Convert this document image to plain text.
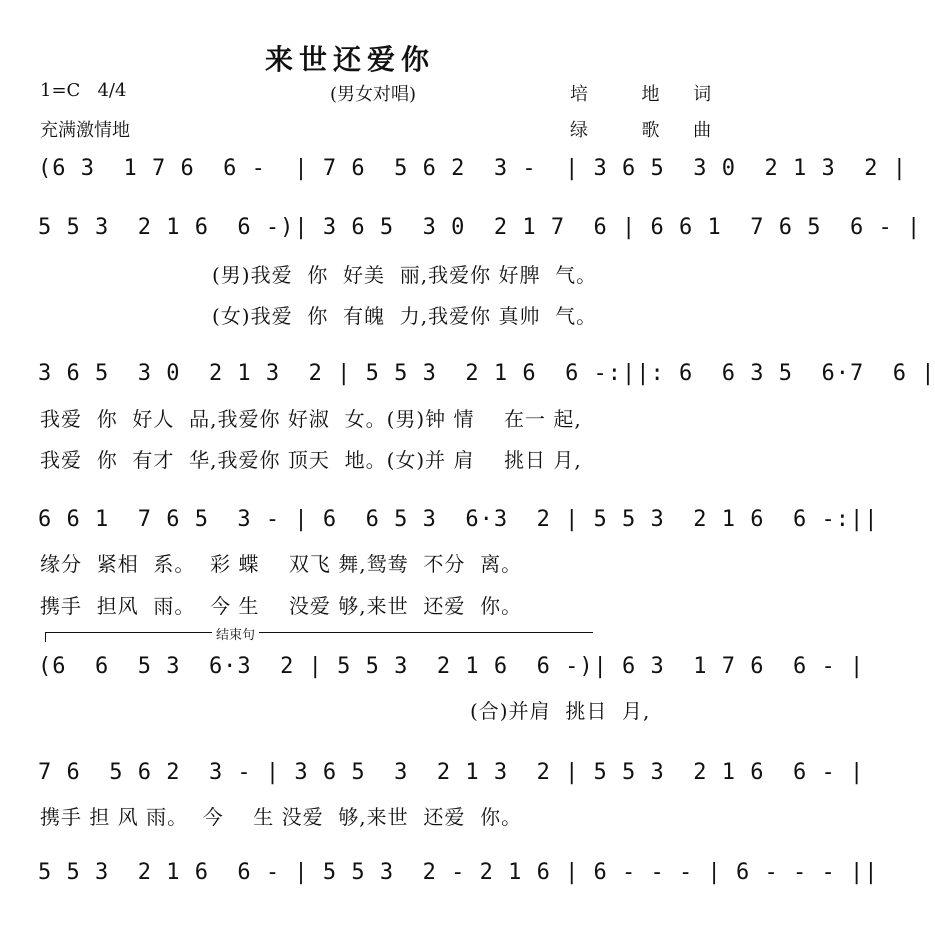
来世还爱你
1=C   4/4	(男女对唱)	培  地 词
充满激情地	绿  歌 曲
(6 3  1 7 6  6 -  | 7 6  5 6 2  3 -  | 3 6 5  3 0  2 1 3  2 |
5 5 3  2 1 6  6 -)| 3 6 5  3 0  2 1 7  6 | 6 6 1  7 6 5  6 - |
(男)我爱  你  好美  丽,我爱你 好脾  气。
(女)我爱  你  有魄  力,我爱你 真帅  气。
3 6 5  3 0  2 1 3  2 | 5 5 3  2 1 6  6 -:||: 6  6 3 5  6·7  6 |
我爱  你  好人  品,我爱你 好淑  女。(男)钟 情    在一 起,
我爱  你  有才  华,我爱你 顶天  地。(女)并 肩    挑日 月,
6 6 1  7 6 5  3 - | 6  6 5 3  6·3  2 | 5 5 3  2 1 6  6 -:||
缘分  紧相  系。  彩 蝶    双飞 舞,鸳鸯  不分  离。
携手  担风  雨。  今 生    没爱 够,来世  还爱  你。
结束句
(6  6  5 3  6·3  2 | 5 5 3  2 1 6  6 -)| 6 3  1 7 6  6 - |
(合)并肩  挑日  月,
7 6  5 6 2  3 - | 3 6 5  3  2 1 3  2 | 5 5 3  2 1 6  6 - |
携手 担 风 雨。  今    生 没爱  够,来世  还爱  你。
5 5 3  2 1 6  6 - | 5 5 3  2 - 2 1 6 | 6 - - - | 6 - - - ||
